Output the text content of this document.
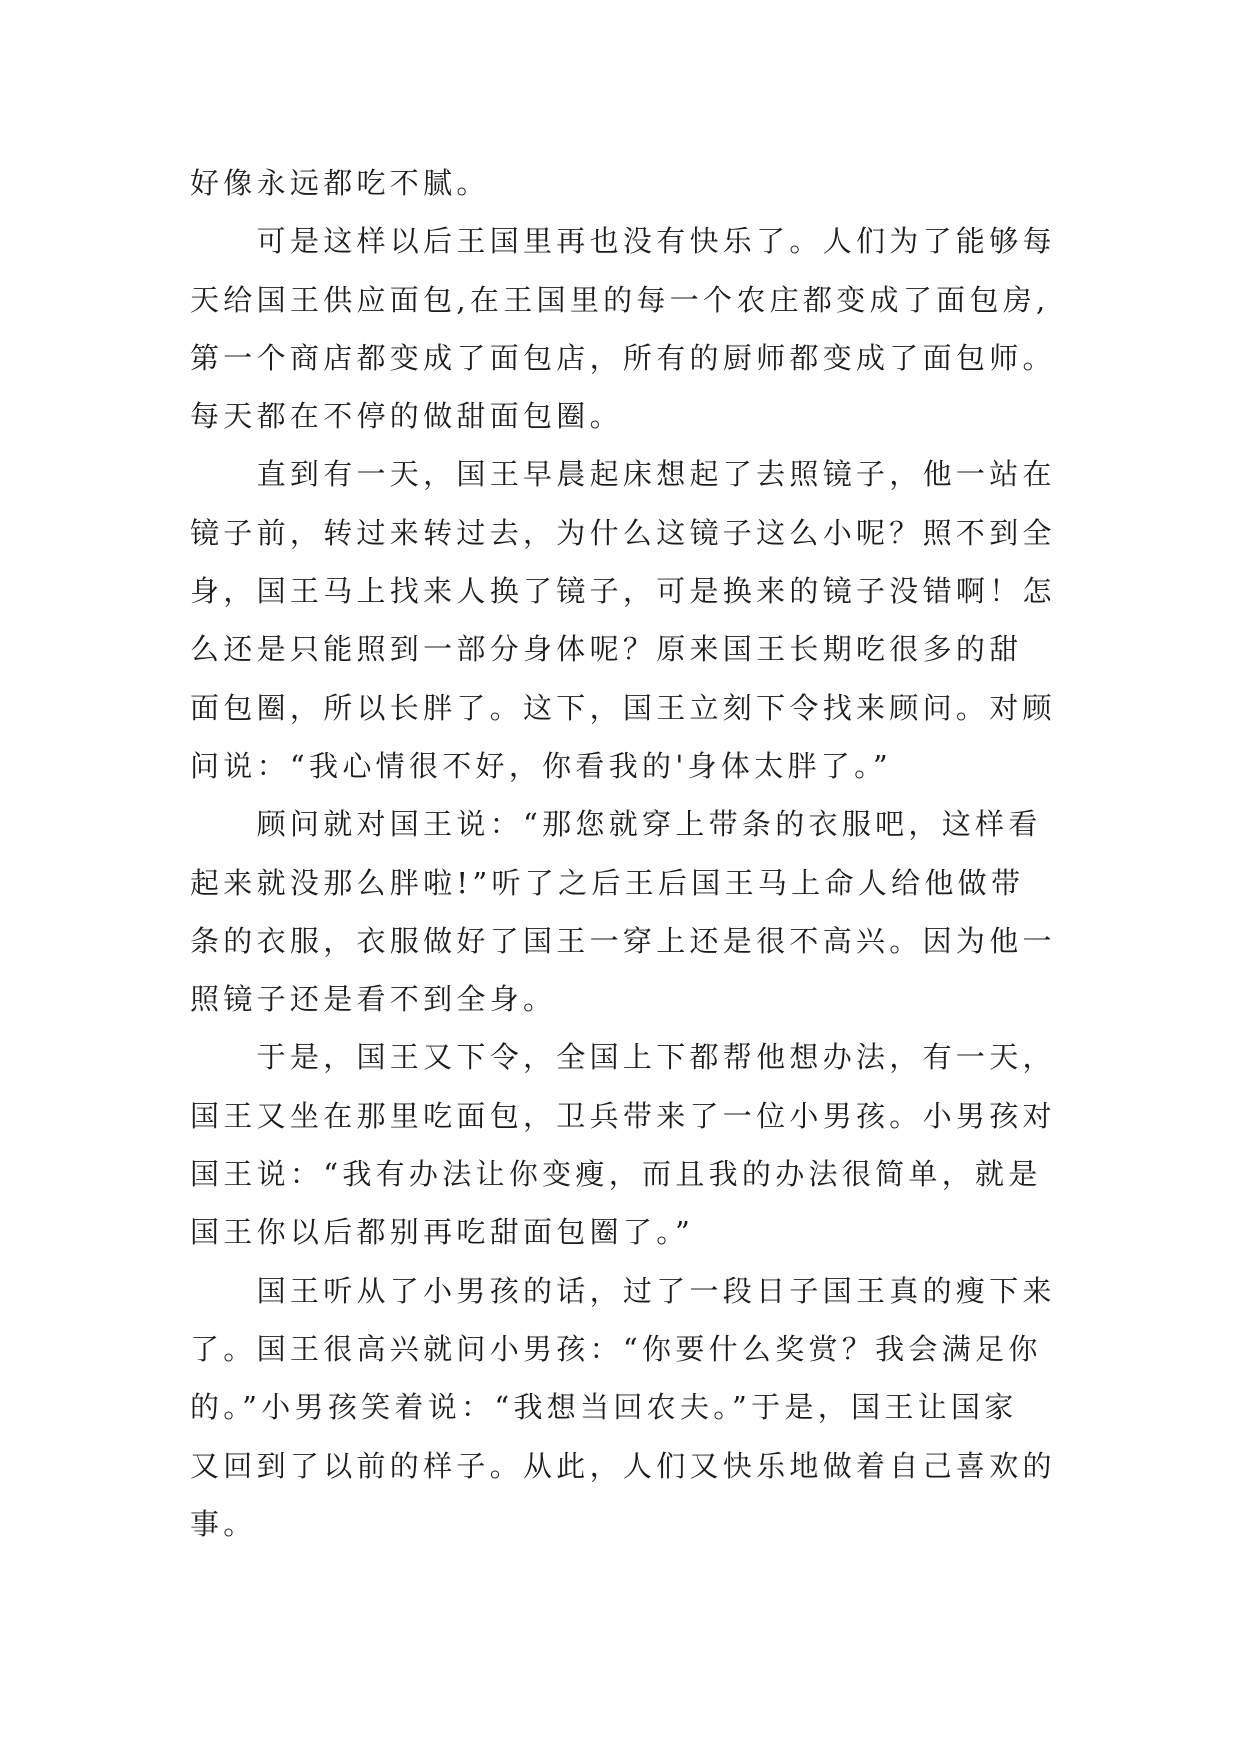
好像永远都吃不腻。
可是这样以后王国里再也没有快乐了。人们为了能够每
天给国王供应面包,在王国里的每一个农庄都变成了面包房,
第一个商店都变成了面包店，所有的厨师都变成了面包师。
每天都在不停的做甜面包圈。
直到有一天，国王早晨起床想起了去照镜子，他一站在
镜子前，转过来转过去，为什么这镜子这么小呢？照不到全
身，国王马上找来人换了镜子，可是换来的镜子没错啊！怎
么还是只能照到一部分身体呢？原来国王长期吃很多的甜
面包圈，所以长胖了。这下，国王立刻下令找来顾问。对顾
问说：“我心情很不好，你看我的'身体太胖了。”
顾问就对国王说：“那您就穿上带条的衣服吧，这样看
起来就没那么胖啦!”听了之后王后国王马上命人给他做带
条的衣服，衣服做好了国王一穿上还是很不高兴。因为他一
照镜子还是看不到全身。
于是，国王又下令，全国上下都帮他想办法，有一天，
国王又坐在那里吃面包，卫兵带来了一位小男孩。小男孩对
国王说：“我有办法让你变瘦，而且我的办法很简单，就是
国王你以后都别再吃甜面包圈了。”
国王听从了小男孩的话，过了一段日子国王真的瘦下来
了。国王很高兴就问小男孩：“你要什么奖赏？我会满足你
的。”小男孩笑着说：“我想当回农夫。”于是，国王让国家
又回到了以前的样子。从此，人们又快乐地做着自己喜欢的
事。
